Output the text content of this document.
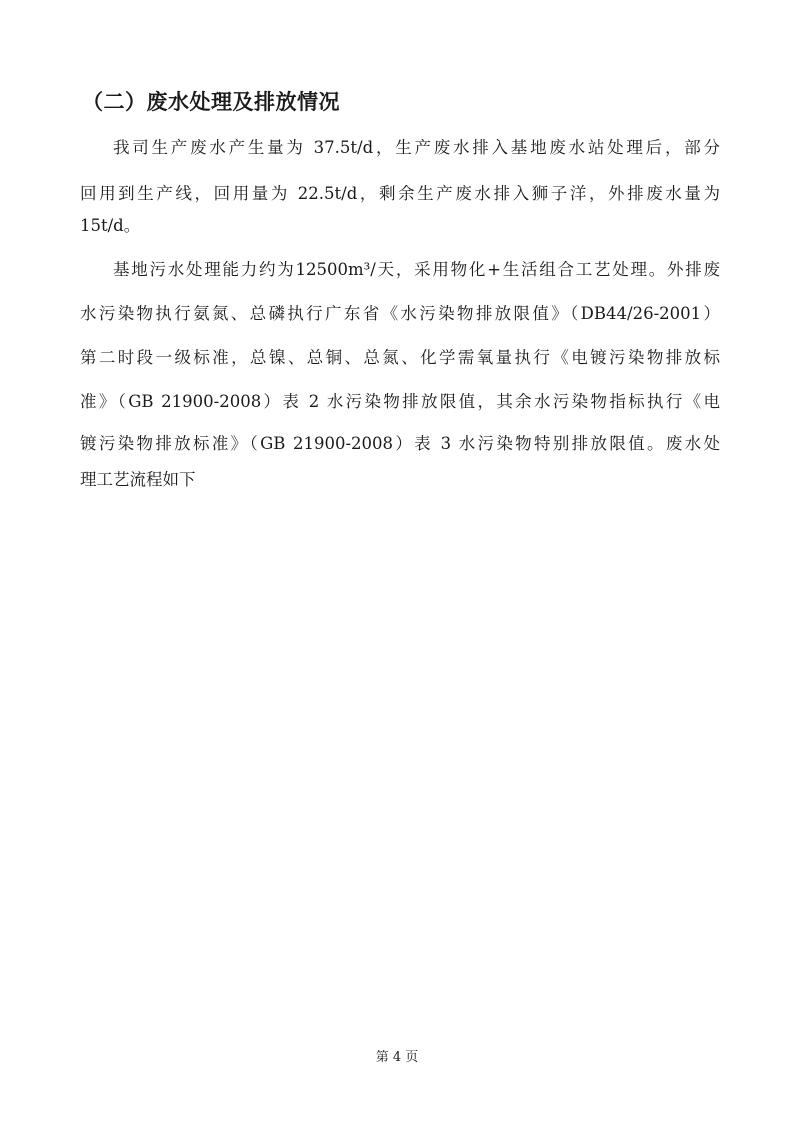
（二）废水处理及排放情况
我司生产废水产生量为 37.5t/d，生产废水排入基地废水站处理后，部分
回用到生产线，回用量为 22.5t/d，剩余生产废水排入狮子洋，外排废水量为
15t/d。
基地污水处理能力约为12500m³/天，采用物化+生活组合工艺处理。外排废
水污染物执行氨氮、总磷执行广东省《水污染物排放限值》（DB44/26-2001）
第二时段一级标准，总镍、总铜、总氮、化学需氧量执行《电镀污染物排放标
准》（GB 21900-2008）表 2 水污染物排放限值，其余水污染物指标执行《电
镀污染物排放标准》（GB 21900-2008）表 3 水污染物特别排放限值。废水处
理工艺流程如下
第 4 页
